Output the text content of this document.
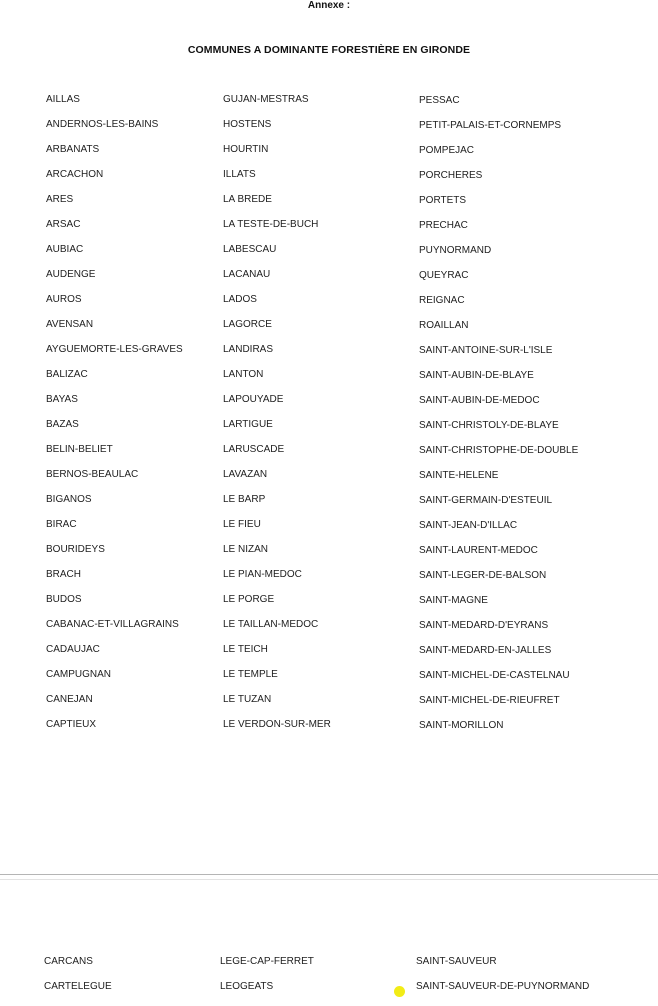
Annexe :
COMMUNES A DOMINANTE FORESTIÈRE EN GIRONDE
AILLAS
ANDERNOS-LES-BAINS
ARBANATS
ARCACHON
ARES
ARSAC
AUBIAC
AUDENGE
AUROS
AVENSAN
AYGUEMORTE-LES-GRAVES
BALIZAC
BAYAS
BAZAS
BELIN-BELIET
BERNOS-BEAULAC
BIGANOS
BIRAC
BOURIDEYS
BRACH
BUDOS
CABANAC-ET-VILLAGRAINS
CADAUJAC
CAMPUGNAN
CANEJAN
CAPTIEUX
GUJAN-MESTRAS
HOSTENS
HOURTIN
ILLATS
LA BREDE
LA TESTE-DE-BUCH
LABESCAU
LACANAU
LADOS
LAGORCE
LANDIRAS
LANTON
LAPOUYADE
LARTIGUE
LARUSCADE
LAVAZAN
LE BARP
LE FIEU
LE NIZAN
LE PIAN-MEDOC
LE PORGE
LE TAILLAN-MEDOC
LE TEICH
LE TEMPLE
LE TUZAN
LE VERDON-SUR-MER
PESSAC
PETIT-PALAIS-ET-CORNEMPS
POMPEJAC
PORCHERES
PORTETS
PRECHAC
PUYNORMAND
QUEYRAC
REIGNAC
ROAILLAN
SAINT-ANTOINE-SUR-L'ISLE
SAINT-AUBIN-DE-BLAYE
SAINT-AUBIN-DE-MEDOC
SAINT-CHRISTOLY-DE-BLAYE
SAINT-CHRISTOPHE-DE-DOUBLE
SAINTE-HELENE
SAINT-GERMAIN-D'ESTEUIL
SAINT-JEAN-D'ILLAC
SAINT-LAURENT-MEDOC
SAINT-LEGER-DE-BALSON
SAINT-MAGNE
SAINT-MEDARD-D'EYRANS
SAINT-MEDARD-EN-JALLES
SAINT-MICHEL-DE-CASTELNAU
SAINT-MICHEL-DE-RIEUFRET
SAINT-MORILLON
CARCANS
CARTELEGUE
LEGE-CAP-FERRET
LEOGEATS
SAINT-SAUVEUR
SAINT-SAUVEUR-DE-PUYNORMAND
